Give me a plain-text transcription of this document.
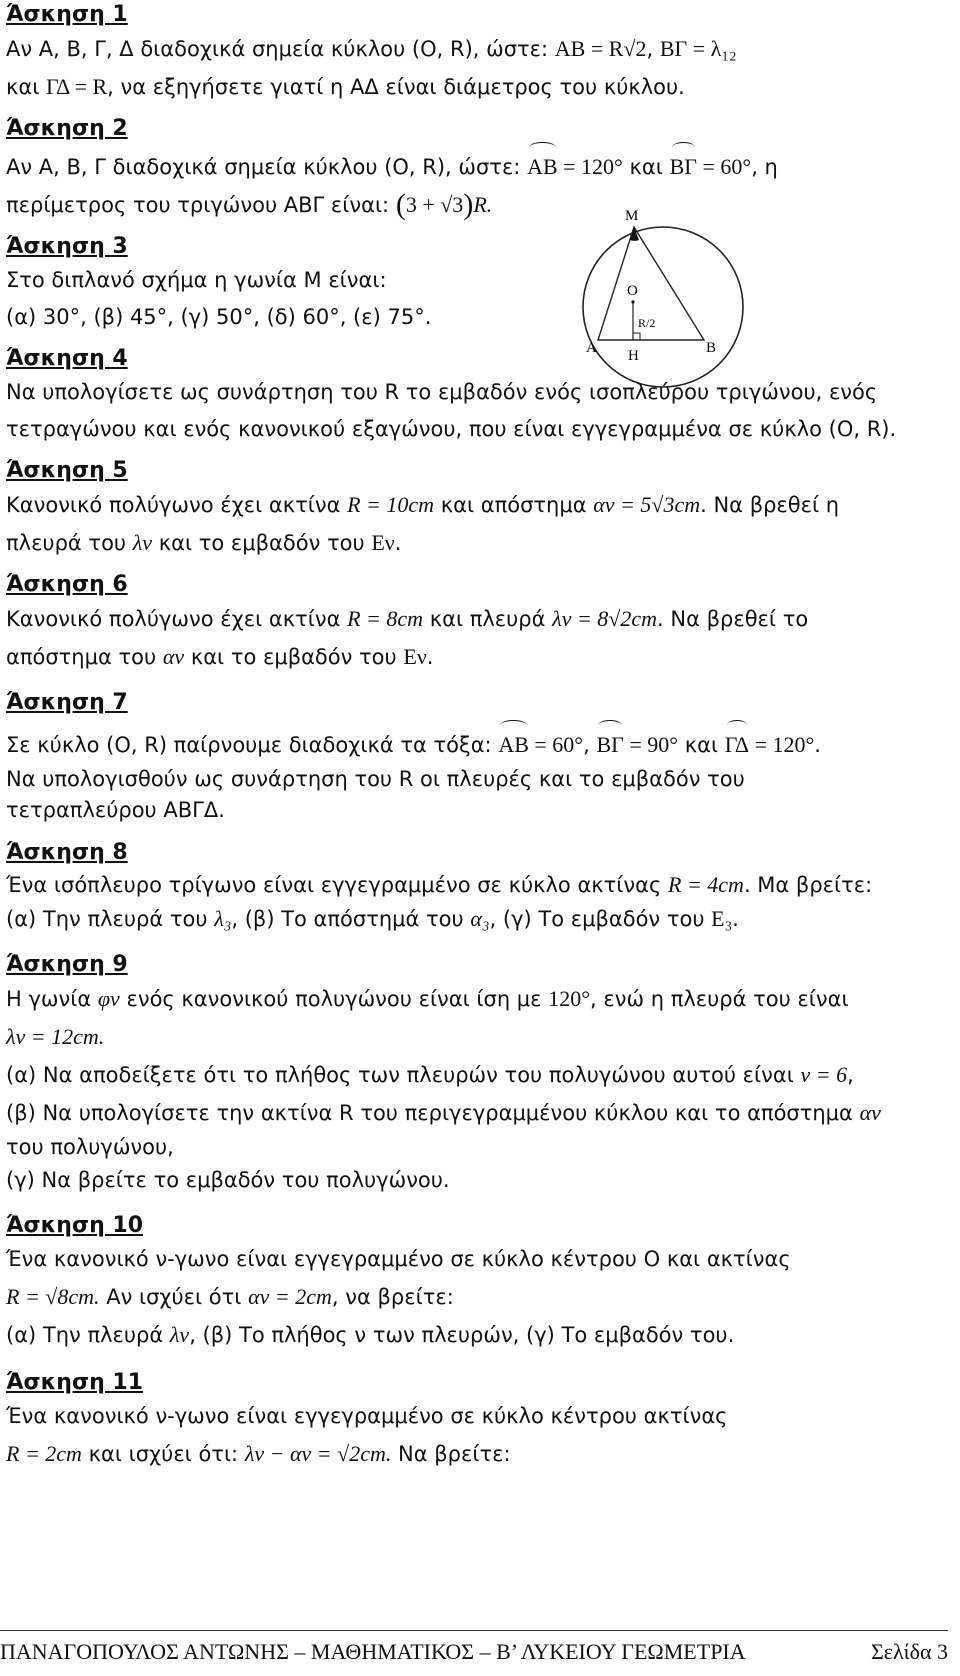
Άσκηση 1

Αν Α, Β, Γ, Δ διαδοχικά σημεία κύκλου (Ο, R), ώστε: ΑΒ = R√2, ΒΓ = λ₁₂

και ΓΔ = R, να εξηγήσετε γιατί η ΑΔ είναι διάμετρος του κύκλου.

Άσκηση 2

Αν Α, Β, Γ διαδοχικά σημεία κύκλου (Ο, R), ώστε: ΑΒ = 120° και ΒΓ = 60°, η

περίμετρος του τριγώνου ΑΒΓ είναι: (3 + √3)R.

Άσκηση 3

Στο διπλανό σχήμα η γωνία Μ είναι:

(α) 30°, (β) 45°, (γ) 50°, (δ) 60°, (ε) 75°.

Άσκηση 4

Να υπολογίσετε ως συνάρτηση του R το εμβαδόν ενός ισοπλεύρου τριγώνου, ενός

τετραγώνου και ενός κανονικού εξαγώνου, που είναι εγγεγραμμένα σε κύκλο (Ο, R).

Άσκηση 5

Κανονικό πολύγωνο έχει ακτίνα R = 10cm και απόστημα αν = 5√3cm. Να βρεθεί η

πλευρά του λν και το εμβαδόν του Εν.

Άσκηση 6

Κανονικό πολύγωνο έχει ακτίνα R = 8cm και πλευρά λν = 8√2cm. Να βρεθεί το

απόστημα του αν και το εμβαδόν του Εν.

Άσκηση 7

Σε κύκλο (Ο, R) παίρνουμε διαδοχικά τα τόξα: ΑΒ = 60°, ΒΓ = 90° και ΓΔ = 120°.

Να υπολογισθούν ως συνάρτηση του R οι πλευρές και το εμβαδόν του

τετραπλεύρου ΑΒΓΔ.

Άσκηση 8

Ένα ισόπλευρο τρίγωνο είναι εγγεγραμμένο σε κύκλο ακτίνας R = 4cm. Μα βρείτε:

(α) Την πλευρά του λ₃, (β) Το απόστημά του α₃, (γ) Το εμβαδόν του Ε₃.

Άσκηση 9

Η γωνία φν ενός κανονικού πολυγώνου είναι ίση με 120°, ενώ η πλευρά του είναι

λν = 12cm.

(α) Να αποδείξετε ότι το πλήθος των πλευρών του πολυγώνου αυτού είναι ν = 6,

(β) Να υπολογίσετε την ακτίνα R του περιγεγραμμένου κύκλου και το απόστημα αν

του πολυγώνου,

(γ) Να βρείτε το εμβαδόν του πολυγώνου.

Άσκηση 10

Ένα κανονικό ν-γωνο είναι εγγεγραμμένο σε κύκλο κέντρου Ο και ακτίνας

R = √8cm. Αν ισχύει ότι αν = 2cm, να βρείτε:

(α) Την πλευρά λν, (β) Το πλήθος ν των πλευρών, (γ) Το εμβαδόν του.

Άσκηση 11

Ένα κανονικό ν-γωνο είναι εγγεγραμμένο σε κύκλο κέντρου ακτίνας

R = 2cm και ισχύει ότι: λν − αν = √2cm. Να βρείτε:

M
O
R/2
A H	B
ΠΑΝΑΓΟΠΟΥΛΟΣ ΑΝΤΩΝΗΣ – ΜΑΘΗΜΑΤΙΚΟΣ – Β’ ΛΥΚΕΙΟΥ ΓΕΩΜΕΤΡΙΑ	Σελίδα 3
